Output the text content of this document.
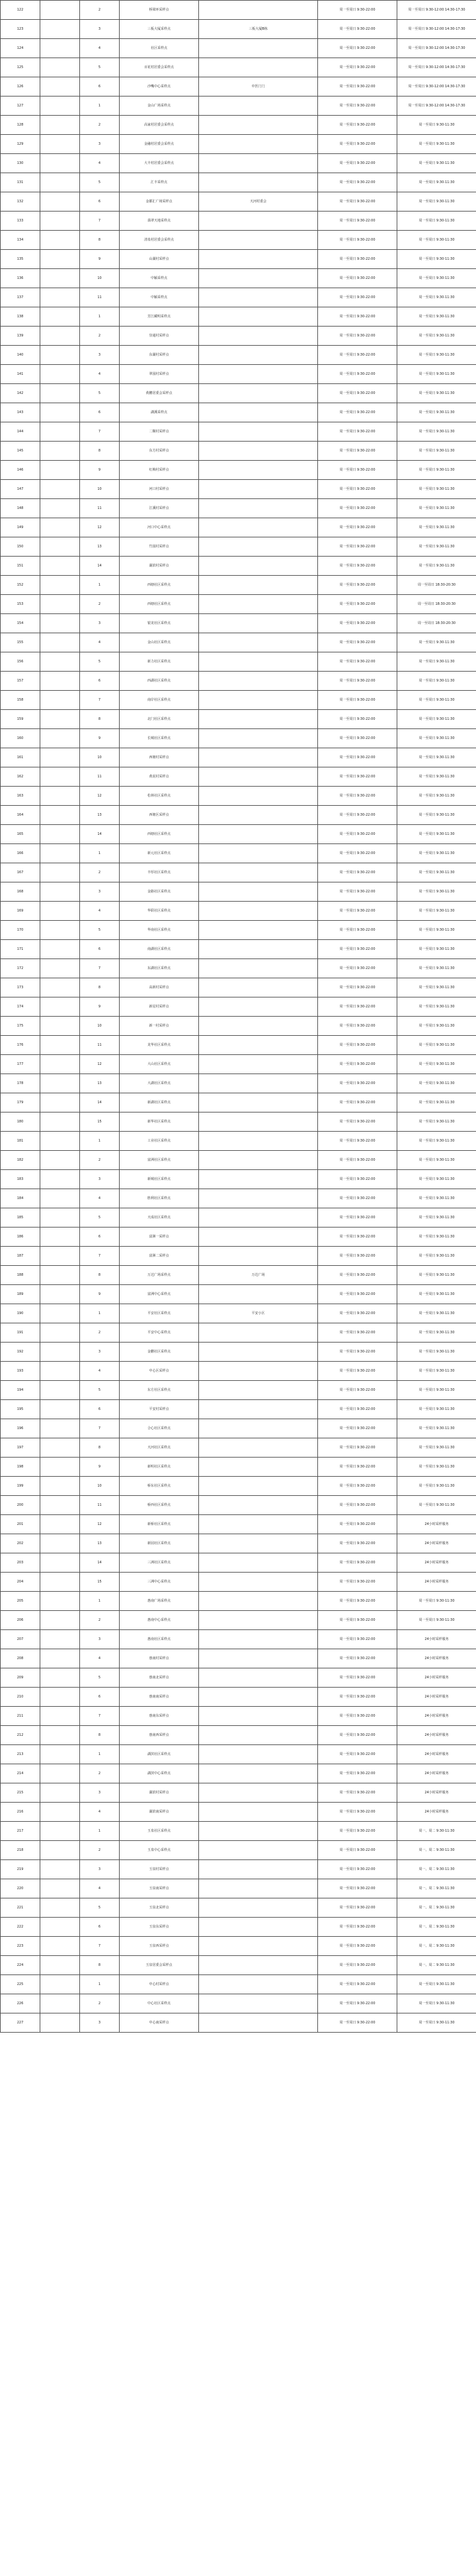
122		2	桥梁环采样点		周一至周日 9:30-22:00	周一至周日 9:30-12:00 14:30-17:30
123		3	三板大厦采样点	三板大厦B栋	周一至周日 9:30-22:00	周一至周日 9:30-12:00 14:30-17:30
124		4	社区采样点		周一至周日 9:30-22:00	周一至周日 9:30-12:00 14:30-17:30
125		5	百花村居委会采样点		周一至周日 9:30-22:00	周一至周日 9:30-12:00 14:30-17:30
126		6	沙嘴中心采样点	中医门门	周一至周日 9:30-22:00	周一至周日 9:30-12:00 14:30-17:30
127		1	金山广场采样点		周一至周日 9:30-22:00	周一至周日 9:30-12:00 14:30-17:30
128		2	高家村居委会采样点		周一至周日 9:30-22:00	周一至周日 9:30-11:30
129		3	金融村居委会采样点		周一至周日 9:30-22:00	周一至周日 9:30-11:30
130		4	大丰村居委会采样点		周一至周日 9:30-22:00	周一至周日 9:30-11:30
131		5	汇丰采样点		周一至周日 9:30-22:00	周一至周日 9:30-11:30
132		6	金都汇广场采样点	天河村委会	周一至周日 9:30-22:00	周一至周日 9:30-11:30
133		7	翡翠天地采样点		周一至周日 9:30-22:00	周一至周日 9:30-11:30
134		8	清泉村居委会采样点		周一至周日 9:30-22:00	周一至周日 9:30-11:30
135		9	山湖村采样点		周一至周日 9:30-22:00	周一至周日 9:30-11:30
136		10	中颖采样点		周一至周日 9:30-22:00	周一至周日 9:30-11:30
137		11	中颖采样点		周一至周日 9:30-22:00	周一至周日 9:30-11:30
138		1	芳江藏明采样点		周一至周日 9:30-22:00	周一至周日 9:30-11:30
139		2	崇通村采样点		周一至周日 9:30-22:00	周一至周日 9:30-11:30
140		3	东湖村采样点		周一至周日 9:30-22:00	周一至周日 9:30-11:30
141		4	翠园村采样点		周一至周日 9:30-22:00	周一至周日 9:30-11:30
142		5	黄鹏居委会采样点		周一至周日 9:30-22:00	周一至周日 9:30-11:30
143		6	湖溪采样点		周一至周日 9:30-22:00	周一至周日 9:30-11:30
144		7	二顺村采样点		周一至周日 9:30-22:00	周一至周日 9:30-11:30
145		8	东方村采样点		周一至周日 9:30-22:00	周一至周日 9:30-11:30
146		9	红梅村采样点		周一至周日 9:30-22:00	周一至周日 9:30-11:30
147		10	河口村采样点		周一至周日 9:30-22:00	周一至周日 9:30-11:30
148		11	江溪村采样点		周一至周日 9:30-22:00	周一至周日 9:30-11:30
149		12	河口中心采样点		周一至周日 9:30-22:00	周一至周日 9:30-11:30
150		13	竹园村采样点		周一至周日 9:30-22:00	周一至周日 9:30-11:30
151		14	湖滨村采样点		周一至周日 9:30-22:00	周一至周日 9:30-11:30
152		1	西塘社区采样点		周一至周日 9:30-22:00	周一至周日 18:30-20:30
153		2	西塘社区采样点		周一至周日 9:30-22:00	周一至周日 18:30-20:30
154		3	银龙社区采样点		周一至周日 9:30-22:00	周一至周日 18:30-20:30
155		4	金山社区采样点		周一至周日 9:30-22:00	周一至周日 9:30-11:30
156		5	新力社区采样点		周一至周日 9:30-22:00	周一至周日 9:30-11:30
157		6	西湖社区采样点		周一至周日 9:30-22:00	周一至周日 9:30-11:30
158		7	南岸社区采样点		周一至周日 9:30-22:00	周一至周日 9:30-11:30
159		8	北门社区采样点		周一至周日 9:30-22:00	周一至周日 9:30-11:30
160		9	长城社区采样点		周一至周日 9:30-22:00	周一至周日 9:30-11:30
161		10	西塘村采样点		周一至周日 9:30-22:00	周一至周日 9:30-11:30
162		11	黄泥村采样点		周一至周日 9:30-22:00	周一至周日 9:30-11:30
163		12	松林社区采样点		周一至周日 9:30-22:00	周一至周日 9:30-11:30
164		13	西塘区采样点		周一至周日 9:30-22:00	周一至周日 9:30-11:30
165		14	西塘社区采样点		周一至周日 9:30-22:00	周一至周日 9:30-11:30
166		1	新元社区采样点		周一至周日 9:30-22:00	周一至周日 9:30-11:30
167		2	丰厚社区采样点		周一至周日 9:30-22:00	周一至周日 9:30-11:30
168		3	金路社区采样点		周一至周日 9:30-22:00	周一至周日 9:30-11:30
169		4	华联社区采样点		周一至周日 9:30-22:00	周一至周日 9:30-11:30
170		5	华南社区采样点		周一至周日 9:30-22:00	周一至周日 9:30-11:30
171		6	南湖社区采样点		周一至周日 9:30-22:00	周一至周日 9:30-11:30
172		7	东湖社区采样点		周一至周日 9:30-22:00	周一至周日 9:30-11:30
173		8	高新村采样点		周一至周日 9:30-22:00	周一至周日 9:30-11:30
174		9	新星村采样点		周一至周日 9:30-22:00	周一至周日 9:30-11:30
175		10	新一村采样点		周一至周日 9:30-22:00	周一至周日 9:30-11:30
176		11	龙华社区采样点		周一至周日 9:30-22:00	周一至周日 9:30-11:30
177		12	大山社区采样点		周一至周日 9:30-22:00	周一至周日 9:30-11:30
178		13	大湖社区采样点		周一至周日 9:30-22:00	周一至周日 9:30-11:30
179		14	新湖社区采样点		周一至周日 9:30-22:00	周一至周日 9:30-11:30
180		15	新华社区采样点		周一至周日 9:30-22:00	周一至周日 9:30-11:30
181		1	工业社区采样点		周一至周日 9:30-22:00	周一至周日 9:30-11:30
182		2	富洲社区采样点		周一至周日 9:30-22:00	周一至周日 9:30-11:30
183		3	新城社区采样点		周一至周日 9:30-22:00	周一至周日 9:30-11:30
184		4	胜利社区采样点		周一至周日 9:30-22:00	周一至周日 9:30-11:30
185		5	天成社区采样点		周一至周日 9:30-22:00	周一至周日 9:30-11:30
186		6	富洲一采样点		周一至周日 9:30-22:00	周一至周日 9:30-11:30
187		7	富洲二采样点		周一至周日 9:30-22:00	周一至周日 9:30-11:30
188		8	万达广场采样点	万达广场	周一至周日 9:30-22:00	周一至周日 9:30-11:30
189		9	富洲中心采样点		周一至周日 9:30-22:00	周一至周日 9:30-11:30
190		1	平安社区采样点	平安小区	周一至周日 9:30-22:00	周一至周日 9:30-11:30
191		2	平安中心采样点		周一至周日 9:30-22:00	周一至周日 9:30-11:30
192		3	金鹏社区采样点		周一至周日 9:30-22:00	周一至周日 9:30-11:30
193		4	中心区采样点		周一至周日 9:30-22:00	周一至周日 9:30-11:30
194		5	东方社区采样点		周一至周日 9:30-22:00	周一至周日 9:30-11:30
195		6	平安村采样点		周一至周日 9:30-22:00	周一至周日 9:30-11:30
196		7	合心社区采样点		周一至周日 9:30-22:00	周一至周日 9:30-11:30
197		8	天河社区采样点		周一至周日 9:30-22:00	周一至周日 9:30-11:30
198		9	新明社区采样点		周一至周日 9:30-22:00	周一至周日 9:30-11:30
199		10	桥东社区采样点		周一至周日 9:30-22:00	周一至周日 9:30-11:30
200		11	桥西社区采样点		周一至周日 9:30-22:00	周一至周日 9:30-11:30
201		12	新桥社区采样点		周一至周日 9:30-22:00	24小时采样服务
202		13	新园社区采样点		周一至周日 9:30-22:00	24小时采样服务
203		14	三洲社区采样点		周一至周日 9:30-22:00	24小时采样服务
204		15	三洲中心采样点		周一至周日 9:30-22:00	24小时采样服务
205		1	惠南广场采样点		周一至周日 9:30-22:00	周一至周日 9:30-11:30
206		2	惠南中心采样点		周一至周日 9:30-22:00	周一至周日 9:30-11:30
207		3	惠南社区采样点		周一至周日 9:30-22:00	24小时采样服务
208		4	惠南村采样点		周一至周日 9:30-22:00	24小时采样服务
209		5	惠南北采样点		周一至周日 9:30-22:00	24小时采样服务
210		6	惠南南采样点		周一至周日 9:30-22:00	24小时采样服务
211		7	惠南东采样点		周一至周日 9:30-22:00	24小时采样服务
212		8	惠南西采样点		周一至周日 9:30-22:00	24小时采样服务
213		1	湖滨社区采样点		周一至周日 9:30-22:00	24小时采样服务
214		2	湖滨中心采样点		周一至周日 9:30-22:00	24小时采样服务
215		3	湖滨村采样点		周一至周日 9:30-22:00	24小时采样服务
216		4	湖滨南采样点		周一至周日 9:30-22:00	24小时采样服务
217		1	玉泉社区采样点		周一至周日 9:30-22:00	周一、周二 9:30-11:30
218		2	玉泉中心采样点		周一至周日 9:30-22:00	周一、周二 9:30-11:30
219		3	玉泉村采样点		周一至周日 9:30-22:00	周一、周二 9:30-11:30
220		4	玉泉南采样点		周一至周日 9:30-22:00	周一、周二 9:30-11:30
221		5	玉泉北采样点		周一至周日 9:30-22:00	周一、周二 9:30-11:30
222		6	玉泉东采样点		周一至周日 9:30-22:00	周一、周二 9:30-11:30
223		7	玉泉西采样点		周一至周日 9:30-22:00	周一、周二 9:30-11:30
224		8	玉泉居委会采样点		周一至周日 9:30-22:00	周一、周二 9:30-11:30
225		1	中心村采样点		周一至周日 9:30-22:00	周一至周日 9:30-11:30
226		2	中心社区采样点		周一至周日 9:30-22:00	周一至周日 9:30-11:30
227		3	中心南采样点		周一至周日 9:30-22:00	周一至周日 9:30-11:30
